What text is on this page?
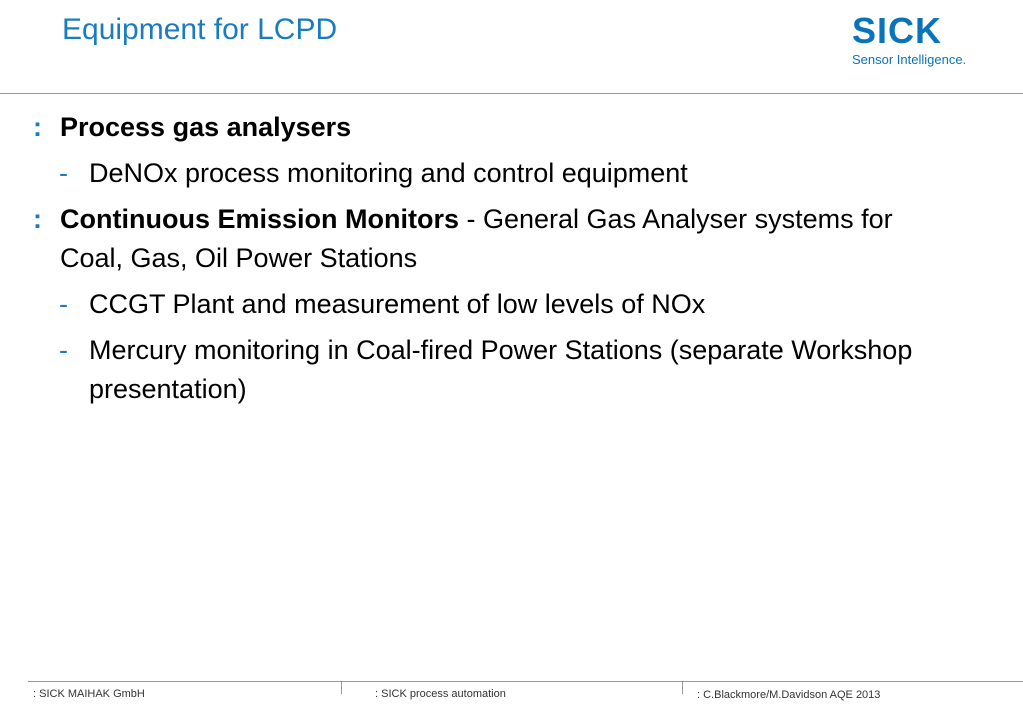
Equipment for LCPD	SICK
Sensor Intelligence.
: Process gas analysers
- DeNOx process monitoring and control equipment
: Continuous Emission Monitors - General Gas Analyser systems for Coal, Gas, Oil Power Stations
- CCGT Plant and measurement of low levels of NOx
- Mercury monitoring in Coal-fired Power Stations (separate Workshop presentation)
: SICK MAIHAK GmbH	: SICK process automation	: C.Blackmore/M.Davidson AQE 2013
